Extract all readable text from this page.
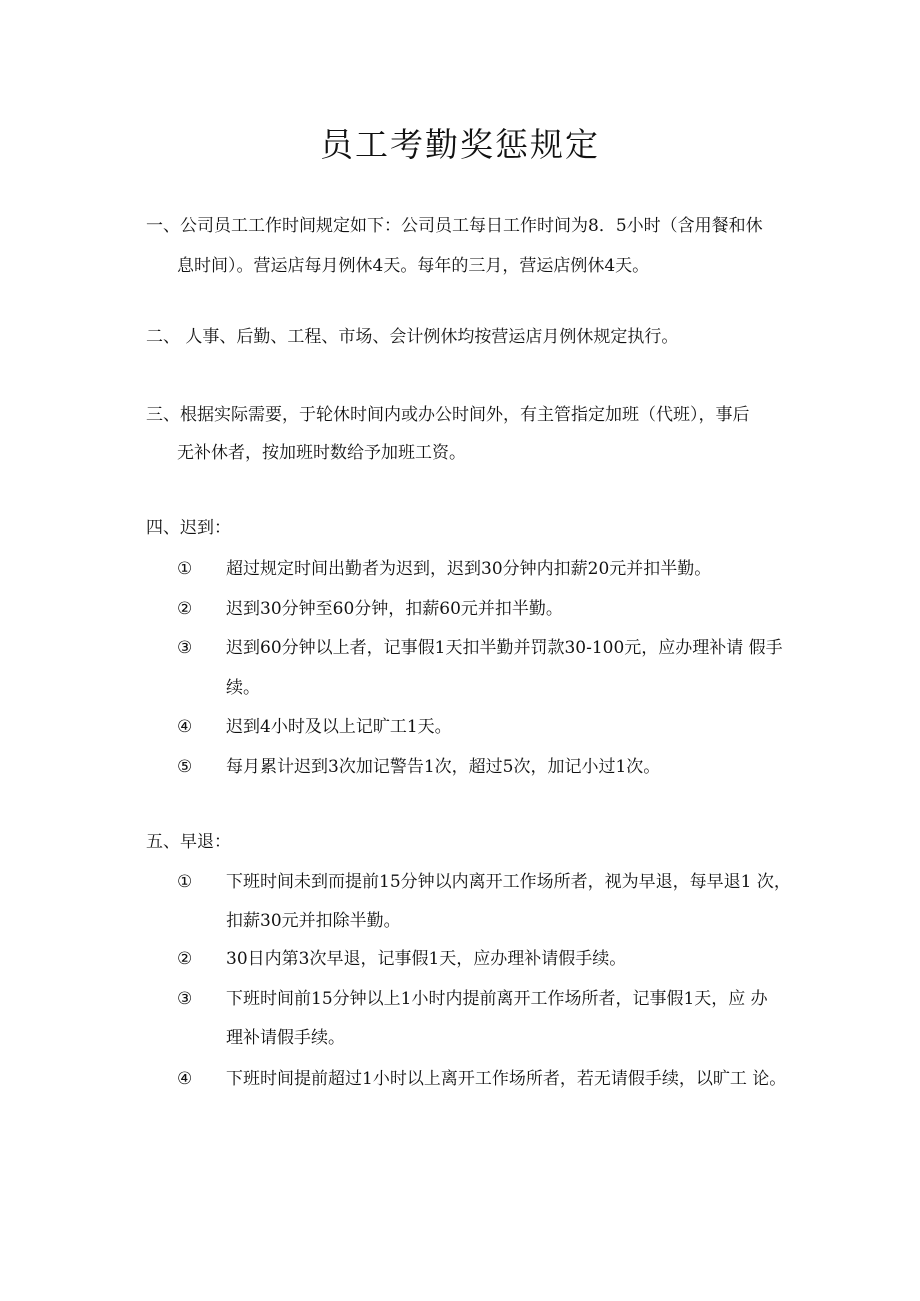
员工考勤奖惩规定
一、公司员工工作时间规定如下：公司员工每日工作时间为8．5小时（含用餐和休
息时间）。营运店每月例休4天。每年的三月，营运店例休4天。
二、 人事、后勤、工程、市场、会计例休均按营运店月例休规定执行。
三、根据实际需要，于轮休时间内或办公时间外，有主管指定加班（代班），事后
无补休者，按加班时数给予加班工资。
四、迟到：
① 超过规定时间出勤者为迟到，迟到30分钟内扣薪20元并扣半勤。
② 迟到30分钟至60分钟，扣薪60元并扣半勤。
③ 迟到60分钟以上者，记事假1天扣半勤并罚款30-100元，应办理补请 假手
续。
④ 迟到4小时及以上记旷工1天。
⑤ 每月累计迟到3次加记警告1次，超过5次，加记小过1次。
五、早退：
① 下班时间未到而提前15分钟以内离开工作场所者，视为早退，每早退1 次，
扣薪30元并扣除半勤。
② 30日内第3次早退，记事假1天，应办理补请假手续。
③ 下班时间前15分钟以上1小时内提前离开工作场所者，记事假1天，应 办
理补请假手续。
④ 下班时间提前超过1小时以上离开工作场所者，若无请假手续，以旷工 论。
